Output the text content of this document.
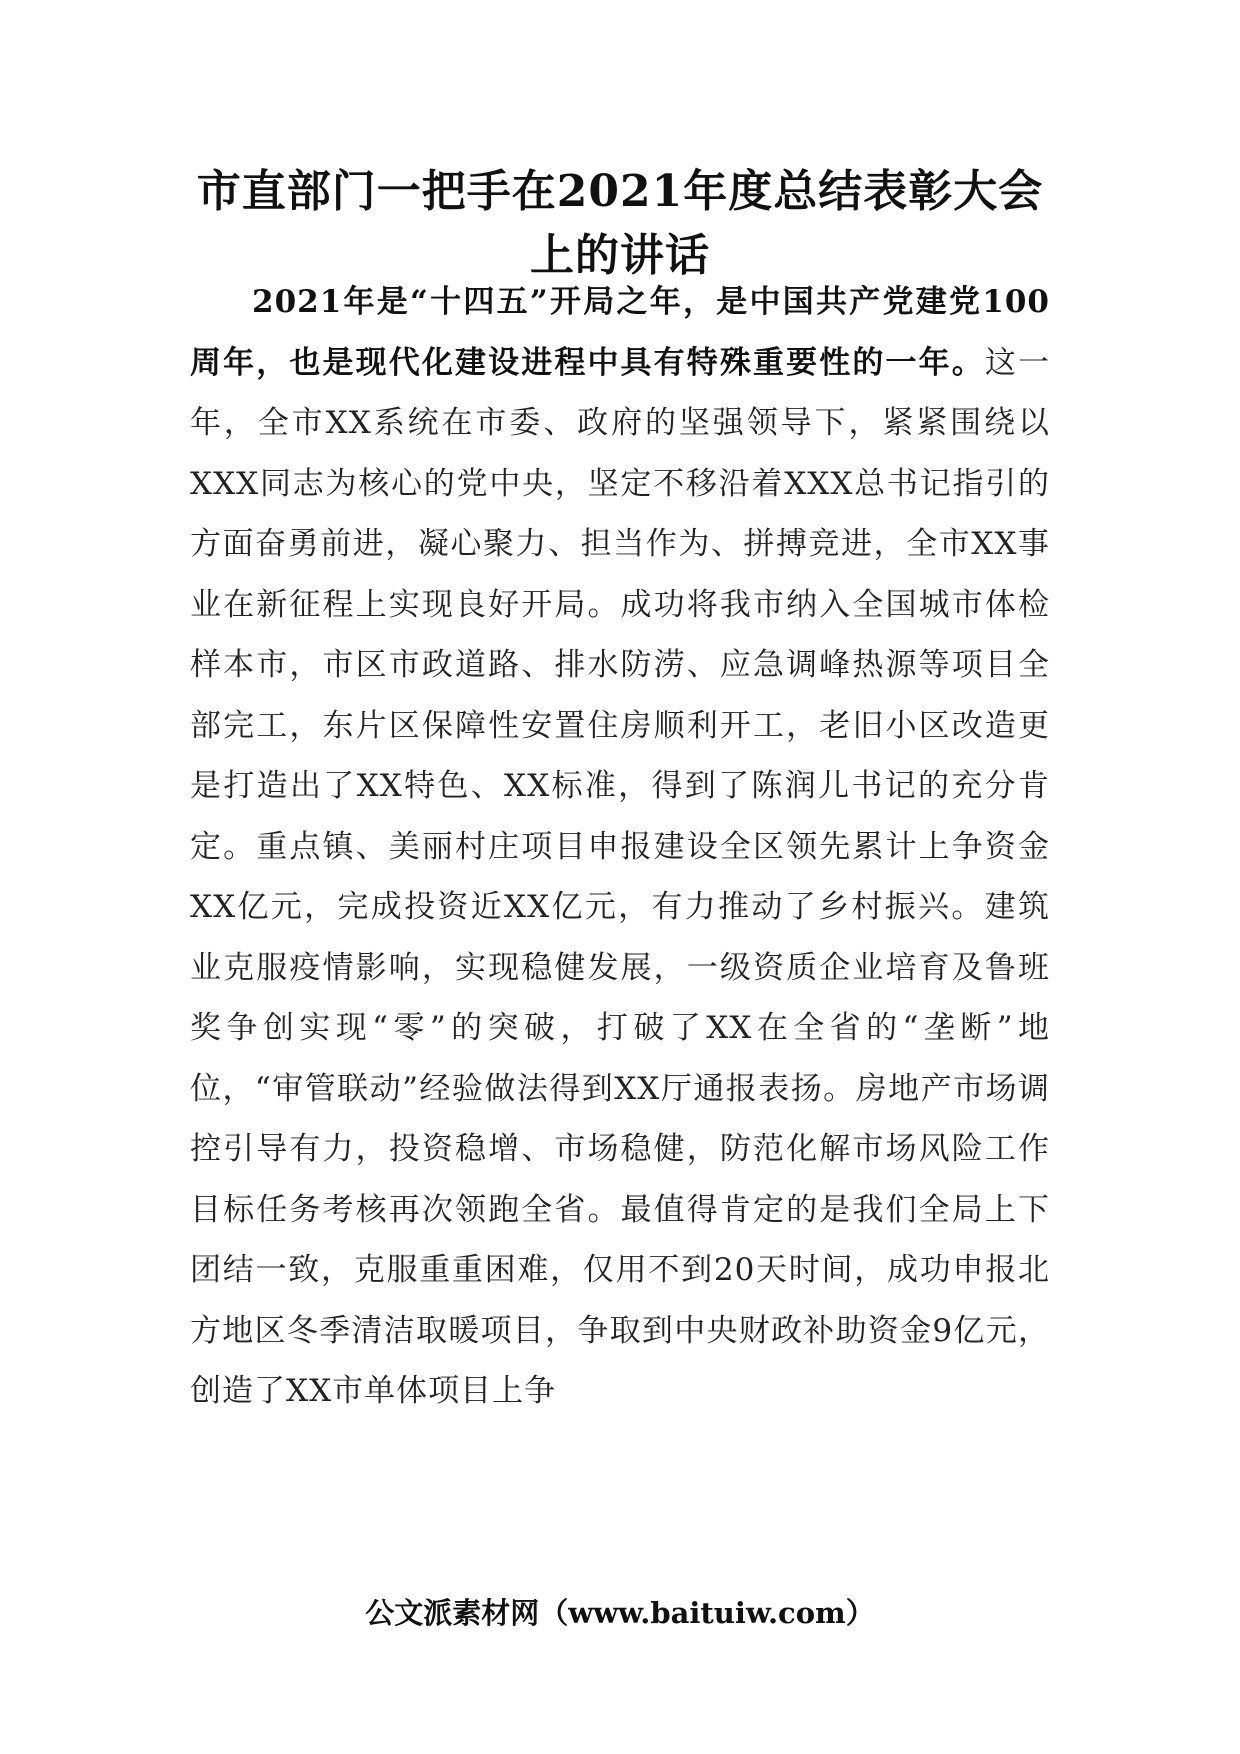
市直部门一把手在2021年度总结表彰大会
上的讲话

2021年是“十四五”开局之年，是中国共产党建党100周年，也是现代化建设进程中具有特殊重要性的一年。这一年，全市XX系统在市委、政府的坚强领导下，紧紧围绕以XXX同志为核心的党中央，坚定不移沿着XXX总书记指引的方面奋勇前进，凝心聚力、担当作为、拼搏竞进，全市XX事业在新征程上实现良好开局。成功将我市纳入全国城市体检样本市，市区市政道路、排水防涝、应急调峰热源等项目全部完工，东片区保障性安置住房顺利开工，老旧小区改造更是打造出了XX特色、XX标准，得到了陈润儿书记的充分肯定。重点镇、美丽村庄项目申报建设全区领先累计上争资金XX亿元，完成投资近XX亿元，有力推动了乡村振兴。建筑业克服疫情影响，实现稳健发展，一级资质企业培育及鲁班奖争创实现“零”的突破，打破了XX在全省的“垄断”地位，“审管联动”经验做法得到XX厅通报表扬。房地产市场调控引导有力，投资稳增、市场稳健，防范化解市场风险工作目标任务考核再次领跑全省。最值得肯定的是我们全局上下团结一致，克服重重困难，仅用不到20天时间，成功申报北方地区冬季清洁取暖项目，争取到中央财政补助资金9亿元，创造了XX市单体项目上争

公文派素材网（www.baituiw.com）
